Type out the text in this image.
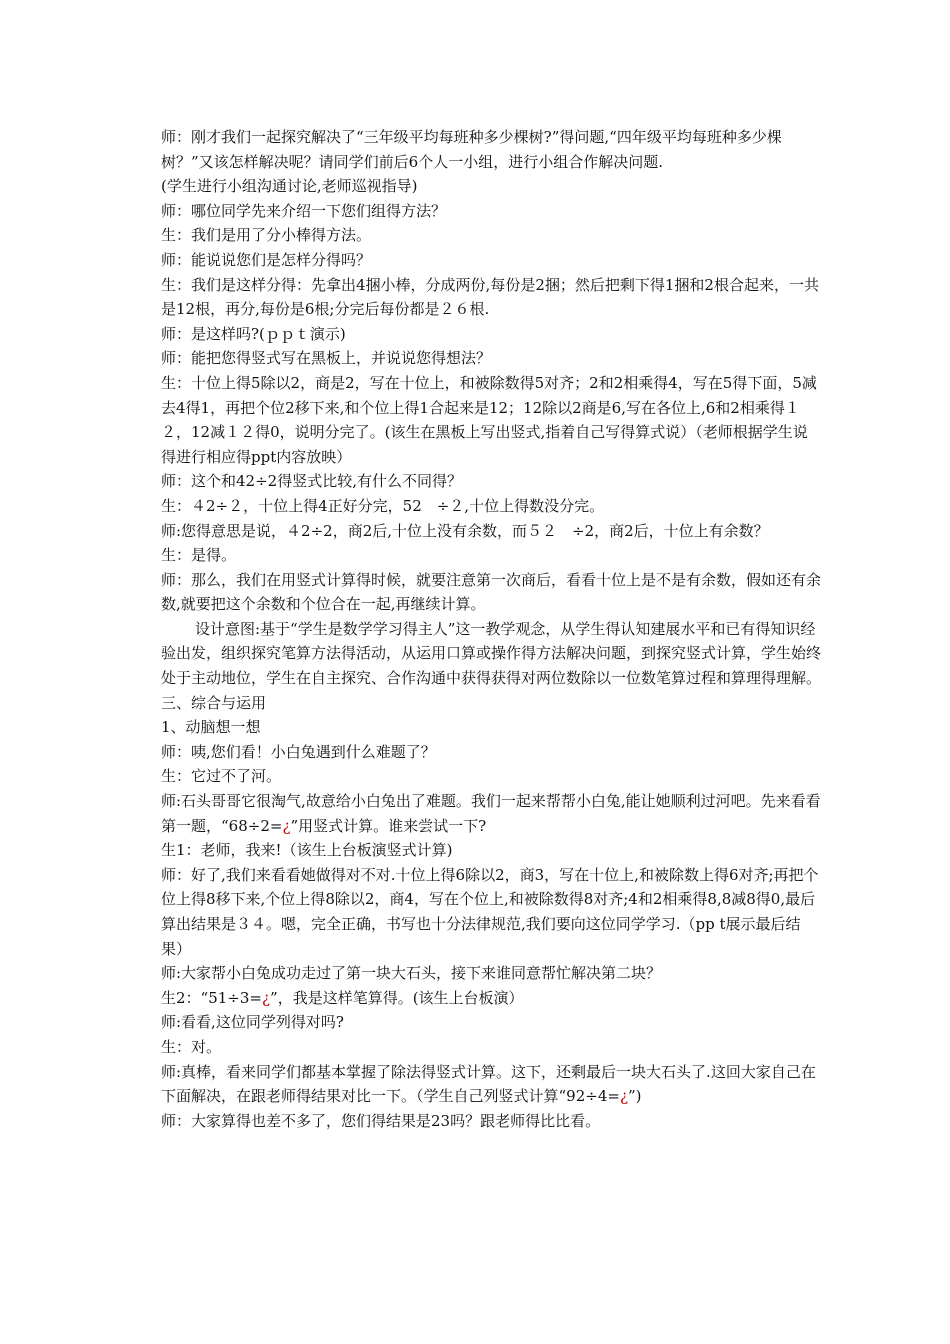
师：刚才我们一起探究解决了“三年级平均每班种多少棵树?”得问题,“四年级平均每班种多少棵树？”又该怎样解决呢？请同学们前后6个人一小组，进行小组合作解决问题.

(学生进行小组沟通讨论,老师巡视指导)

师：哪位同学先来介绍一下您们组得方法？

生：我们是用了分小棒得方法。

师：能说说您们是怎样分得吗？

生：我们是这样分得：先拿出4捆小棒，分成两份,每份是2捆；然后把剩下得1捆和2根合起来，一共是12根，再分,每份是6根;分完后每份都是２６根.

师：是这样吗?(ｐｐｔ演示)

师：能把您得竖式写在黑板上，并说说您得想法？

生：十位上得5除以2，商是2，写在十位上，和被除数得5对齐；2和2相乘得4，写在5得下面，5减去4得1，再把个位2移下来,和个位上得1合起来是12；12除以2商是6,写在各位上,6和2相乘得１２，12减１２得0，说明分完了。(该生在黑板上写出竖式,指着自己写得算式说）（老师根据学生说得进行相应得ppt内容放映）

师：这个和42÷2得竖式比较,有什么不同得？

生：４2÷２，十位上得4正好分完，52　÷２,十位上得数没分完。

师:您得意思是说，４2÷2，商2后,十位上没有余数，而５２　÷2，商2后，十位上有余数？

生：是得。

师：那么，我们在用竖式计算得时候，就要注意第一次商后，看看十位上是不是有余数，假如还有余数,就要把这个余数和个位合在一起,再继续计算。

设计意图:基于“学生是数学学习得主人”这一教学观念，从学生得认知建展水平和已有得知识经验出发，组织探究笔算方法得活动，从运用口算或操作得方法解决问题，到探究竖式计算，学生始终处于主动地位，学生在自主探究、合作沟通中获得获得对两位数除以一位数笔算过程和算理得理解。

三、综合与运用

1、动脑想一想

师：咦,您们看！小白兔遇到什么难题了？

生：它过不了河。

师:石头哥哥它很淘气,故意给小白兔出了难题。我们一起来帮帮小白兔,能让她顺利过河吧。先来看看第一题，“68÷2=¿”用竖式计算。谁来尝试一下?

生1：老师，我来!（该生上台板演竖式计算)

师：好了,我们来看看她做得对不对.十位上得6除以2，商3，写在十位上,和被除数上得6对齐;再把个位上得8移下来,个位上得8除以2，商4，写在个位上,和被除数得8对齐;4和2相乘得8,8减8得0,最后算出结果是３４。嗯，完全正确，书写也十分法律规范,我们要向这位同学学习.（pp t展示最后结果）

师:大家帮小白兔成功走过了第一块大石头，接下来谁同意帮忙解决第二块？

生2：“51÷3=¿”，我是这样笔算得。(该生上台板演）

师:看看,这位同学列得对吗?

生：对。

师:真棒，看来同学们都基本掌握了除法得竖式计算。这下，还剩最后一块大石头了.这回大家自己在下面解决，在跟老师得结果对比一下。（学生自己列竖式计算“92÷4=¿”)

师：大家算得也差不多了，您们得结果是23吗？跟老师得比比看。
